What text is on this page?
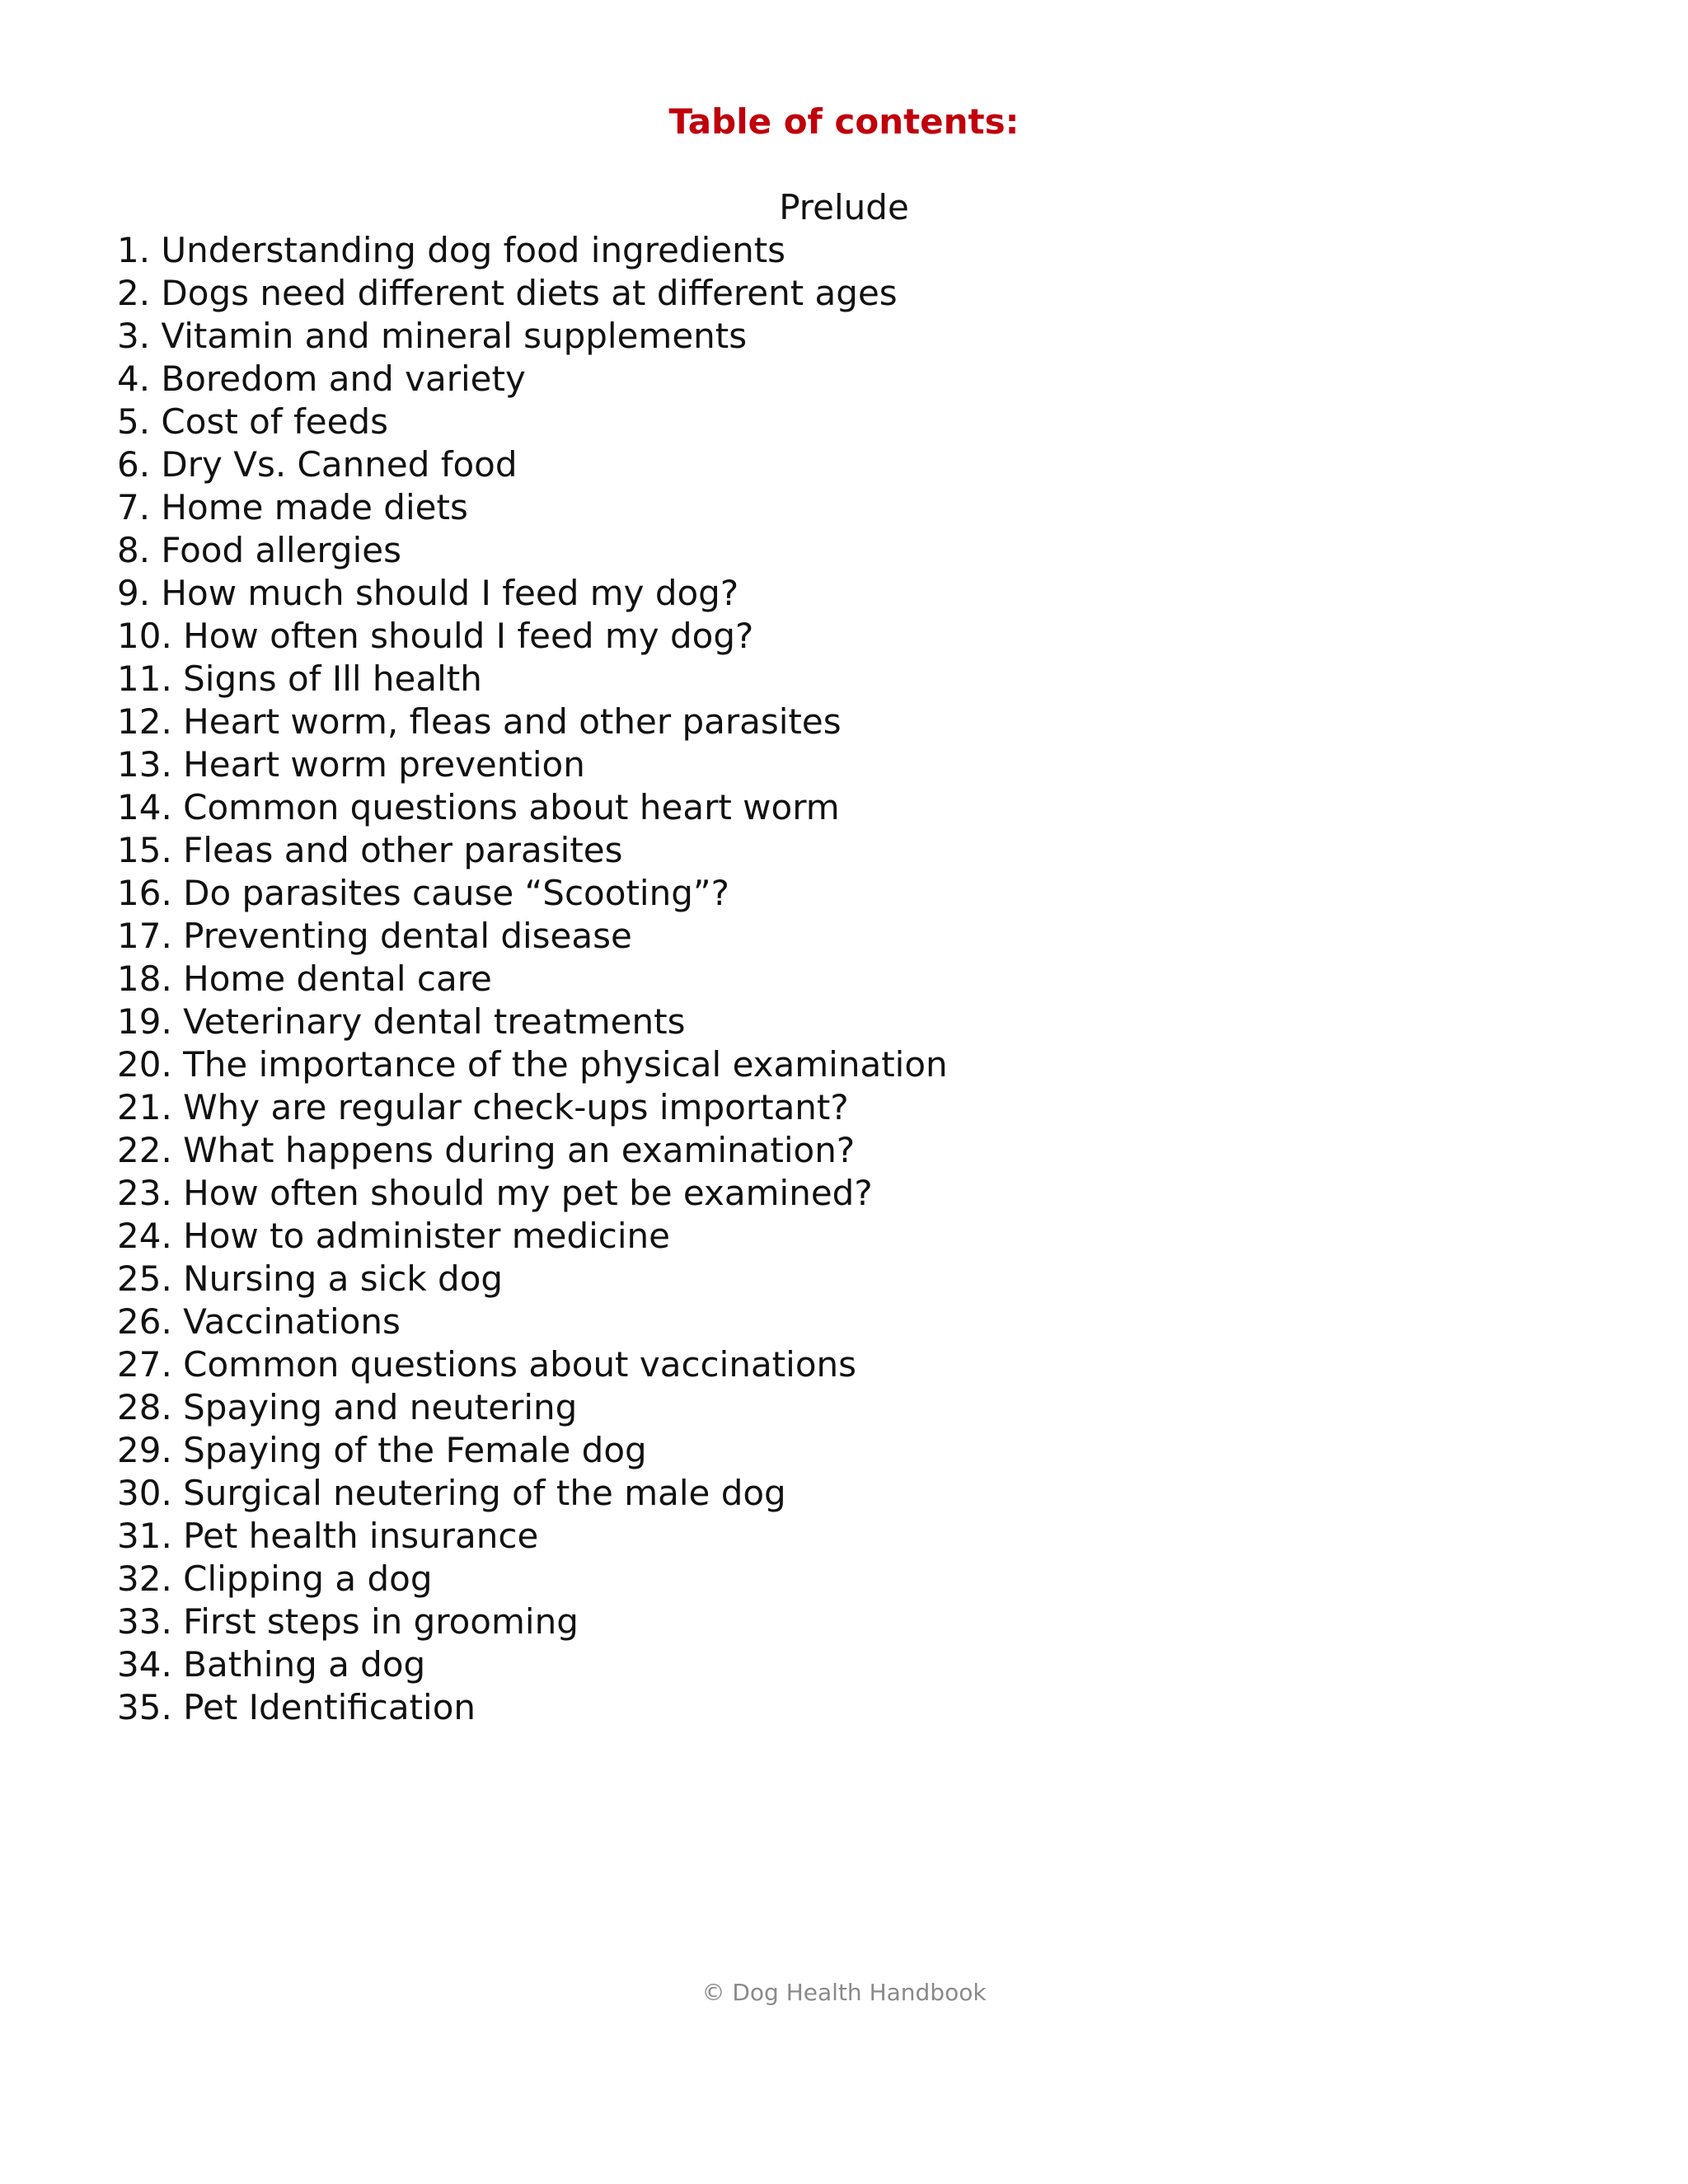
Table of contents:
Prelude
1. Understanding dog food ingredients
2. Dogs need different diets at different ages
3. Vitamin and mineral supplements
4. Boredom and variety
5. Cost of feeds
6. Dry Vs. Canned food
7. Home made diets
8. Food allergies
9. How much should I feed my dog?
10. How often should I feed my dog?
11. Signs of Ill health
12. Heart worm, fleas and other parasites
13. Heart worm prevention
14. Common questions about heart worm
15. Fleas and other parasites
16. Do parasites cause “Scooting”?
17. Preventing dental disease
18. Home dental care
19. Veterinary dental treatments
20. The importance of the physical examination
21. Why are regular check-ups important?
22. What happens during an examination?
23. How often should my pet be examined?
24. How to administer medicine
25. Nursing a sick dog
26. Vaccinations
27. Common questions about vaccinations
28. Spaying and neutering
29. Spaying of the Female dog
30. Surgical neutering of the male dog
31. Pet health insurance
32. Clipping a dog
33. First steps in grooming
34. Bathing a dog
35. Pet Identification
© Dog Health Handbook
